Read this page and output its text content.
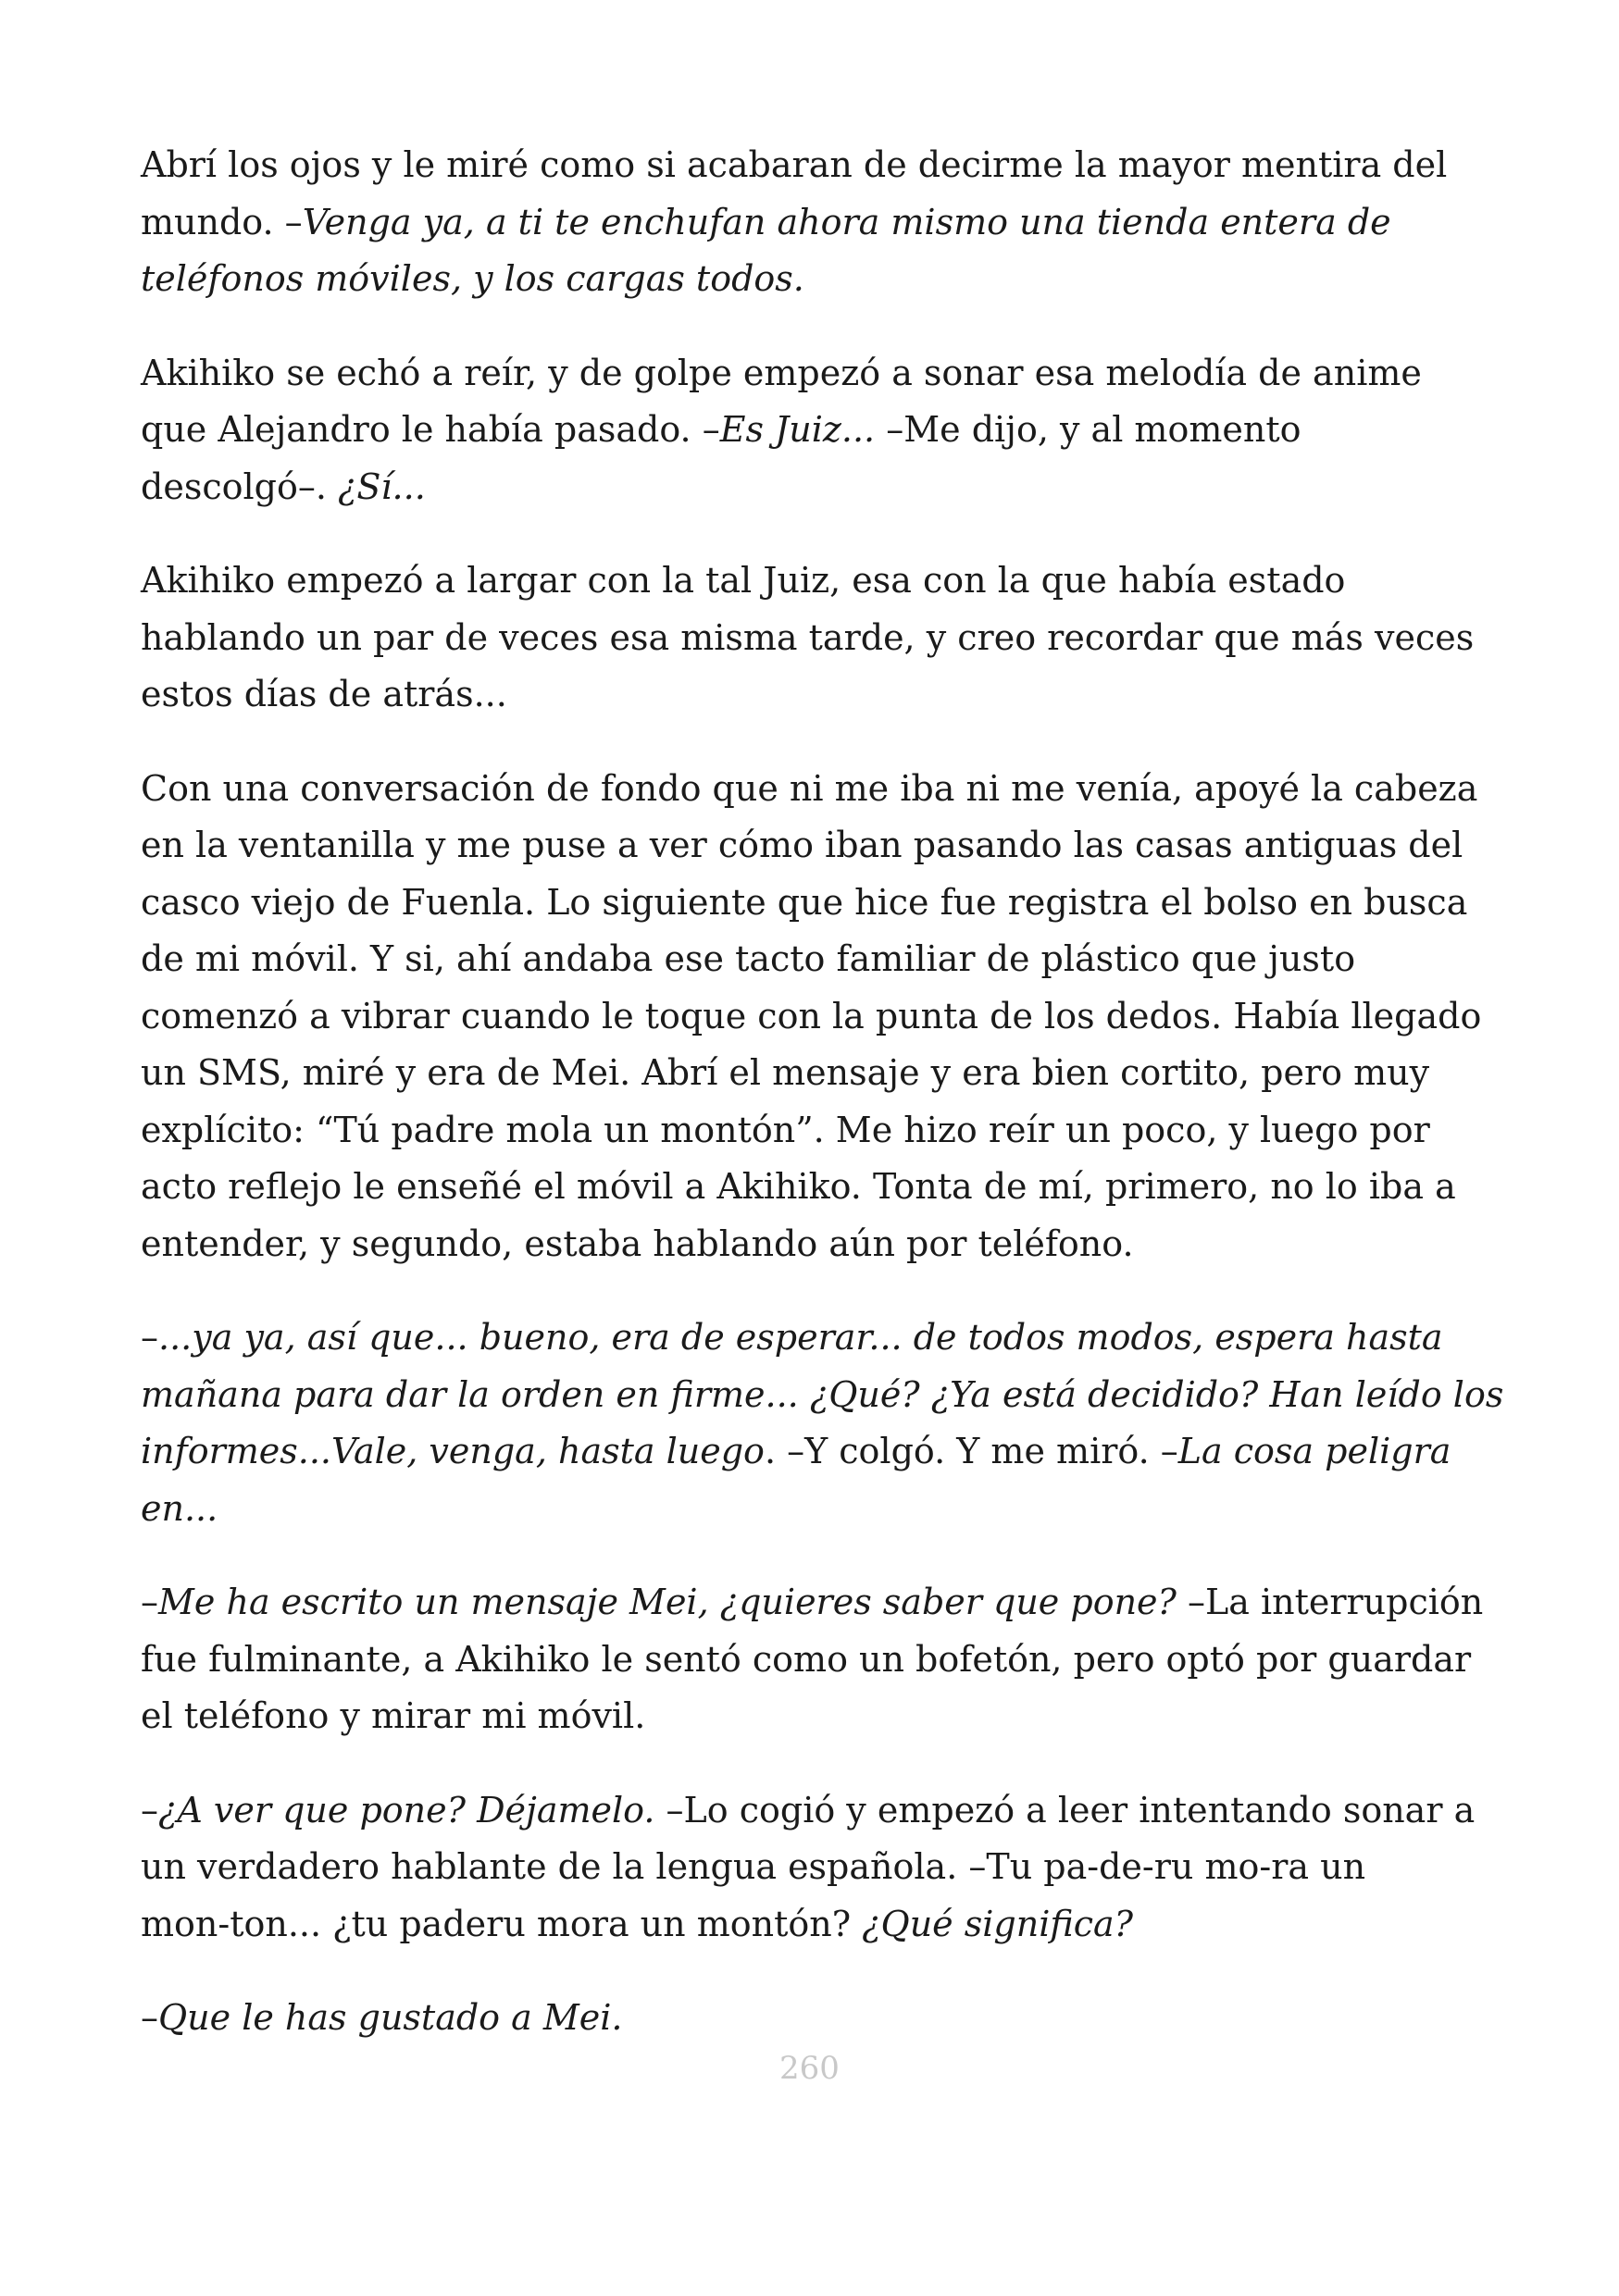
Abrí los ojos y le miré como si acabaran de decirme la mayor mentira del
mundo. –Venga ya, a ti te enchufan ahora mismo una tienda entera de
teléfonos móviles, y los cargas todos.
Akihiko se echó a reír, y de golpe empezó a sonar esa melodía de anime
que Alejandro le había pasado. –Es Juiz... –Me dijo, y al momento
descolgó–. ¿Sí...
Akihiko empezó a largar con la tal Juiz, esa con la que había estado
hablando un par de veces esa misma tarde, y creo recordar que más veces
estos días de atrás...
Con una conversación de fondo que ni me iba ni me venía, apoyé la cabeza
en la ventanilla y me puse a ver cómo iban pasando las casas antiguas del
casco viejo de Fuenla. Lo siguiente que hice fue registra el bolso en busca
de mi móvil. Y si, ahí andaba ese tacto familiar de plástico que justo
comenzó a vibrar cuando le toque con la punta de los dedos. Había llegado
un SMS, miré y era de Mei. Abrí el mensaje y era bien cortito, pero muy
explícito: “Tú padre mola un montón”. Me hizo reír un poco, y luego por
acto reflejo le enseñé el móvil a Akihiko. Tonta de mí, primero, no lo iba a
entender, y segundo, estaba hablando aún por teléfono.
–...ya ya, así que... bueno, era de esperar... de todos modos, espera hasta
mañana para dar la orden en firme... ¿Qué? ¿Ya está decidido? Han leído los
informes...Vale, venga, hasta luego. –Y colgó. Y me miró. –La cosa peligra
en...
–Me ha escrito un mensaje Mei, ¿quieres saber que pone? –La interrupción
fue fulminante, a Akihiko le sentó como un bofetón, pero optó por guardar
el teléfono y mirar mi móvil.
–¿A ver que pone? Déjamelo. –Lo cogió y empezó a leer intentando sonar a
un verdadero hablante de la lengua española. –Tu pa-de-ru mo-ra un
mon-ton... ¿tu paderu mora un montón? ¿Qué significa?
–Que le has gustado a Mei.
260
